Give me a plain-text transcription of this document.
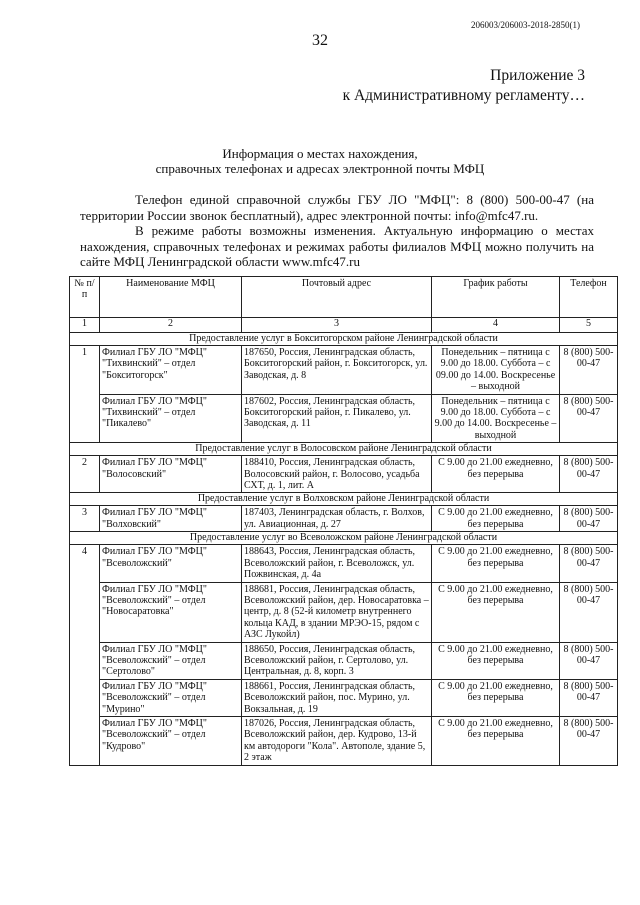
206003/206003-2018-2850(1)
32
Приложение 3
к Административному регламенту…
Информация о местах нахождения,
справочных телефонах и адресах электронной почты МФЦ

Телефон единой справочной службы ГБУ ЛО "МФЦ": 8 (800) 500-00-47 (на территории России звонок бесплатный), адрес электронной почты: info@mfc47.ru.

В режиме работы возможны изменения. Актуальную информацию о местах нахождения, справочных телефонах и режимах работы филиалов МФЦ можно получить на сайте МФЦ Ленинградской области www.mfc47.ru

№ п/п	Наименование МФЦ	Почтовый адрес	График работы	Телефон
1	2	3	4	5
Предоставление услуг в Бокситогорском районе Ленинградской области				
1	Филиал ГБУ ЛО "МФЦ" "Тихвинский" – отдел "Бокситогорск"	187650, Россия, Ленинградская область, Бокситогорский район, г. Бокситогорск, ул. Заводская, д. 8	Понедельник – пятница с 9.00 до 18.00. Суббота – с 09.00 до 14.00. Воскресенье – выходной	8 (800) 500-00-47
	Филиал ГБУ ЛО "МФЦ" "Тихвинский" – отдел "Пикалево"	187602, Россия, Ленинградская область, Бокситогорский район, г. Пикалево, ул. Заводская, д. 11	Понедельник – пятница с 9.00 до 18.00. Суббота – с 9.00 до 14.00. Воскресенье – выходной	8 (800) 500-00-47
Предоставление услуг в Волосовском районе Ленинградской области				
2	Филиал ГБУ ЛО "МФЦ" "Волосовский"	188410, Россия, Ленинградская область, Волосовский район, г. Волосово, усадьба СХТ, д. 1, лит. А	С 9.00 до 21.00 ежедневно, без перерыва	8 (800) 500-00-47
Предоставление услуг в Волховском районе Ленинградской области				
3	Филиал ГБУ ЛО "МФЦ" "Волховский"	187403, Ленинградская область, г. Волхов, ул. Авиационная, д. 27	С 9.00 до 21.00 ежедневно, без перерыва	8 (800) 500-00-47
Предоставление услуг во Всеволожском районе Ленинградской области				
4	Филиал ГБУ ЛО "МФЦ" "Всеволожский"	188643, Россия, Ленинградская область, Всеволожский район, г. Всеволожск, ул. Пожвинская, д. 4а	С 9.00 до 21.00 ежедневно, без перерыва	8 (800) 500-00-47
	Филиал ГБУ ЛО "МФЦ" "Всеволожский" – отдел "Новосаратовка"	188681, Россия, Ленинградская область, Всеволожский район, дер. Новосаратовка – центр, д. 8 (52-й километр внутреннего кольца КАД, в здании МРЭО-15, рядом с АЗС Лукойл)	С 9.00 до 21.00 ежедневно, без перерыва	8 (800) 500-00-47
	Филиал ГБУ ЛО "МФЦ" "Всеволожский" – отдел "Сертолово"	188650, Россия, Ленинградская область, Всеволожский район, г. Сертолово, ул. Центральная, д. 8, корп. 3	С 9.00 до 21.00 ежедневно, без перерыва	8 (800) 500-00-47
	Филиал ГБУ ЛО "МФЦ" "Всеволожский" – отдел "Мурино"	188661, Россия, Ленинградская область, Всеволожский район, пос. Мурино, ул. Вокзальная, д. 19	С 9.00 до 21.00 ежедневно, без перерыва	8 (800) 500-00-47
	Филиал ГБУ ЛО "МФЦ" "Всеволожский" – отдел "Кудрово"	187026, Россия, Ленинградская область, Всеволожский район, дер. Кудрово, 13-й км автодороги "Кола". Автополе, здание 5, 2 этаж	С 9.00 до 21.00 ежедневно, без перерыва	8 (800) 500-00-47
